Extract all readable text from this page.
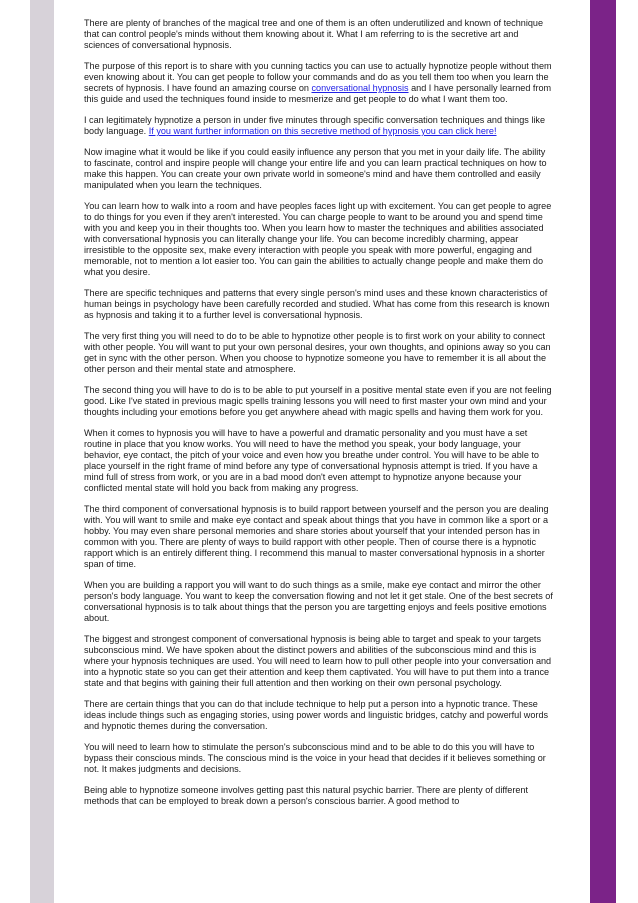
There are plenty of branches of the magical tree and one of them is an often underutilized and known of technique that can control people's minds without them knowing about it. What I am referring to is the secretive art and sciences of conversational hypnosis.

The purpose of this report is to share with you cunning tactics you can use to actually hypnotize people without them even knowing about it. You can get people to follow your commands and do as you tell them too when you learn the secrets of hypnosis. I have found an amazing course on conversational hypnosis and I have personally learned from this guide and used the techniques found inside to mesmerize and get people to do what I want them too.

I can legitimately hypnotize a person in under five minutes through specific conversation techniques and things like body language. If you want further information on this secretive method of hypnosis you can click here!

Now imagine what it would be like if you could easily influence any person that you met in your daily life. The ability to fascinate, control and inspire people will change your entire life and you can learn practical techniques on how to make this happen. You can create your own private world in someone's mind and have them controlled and easily manipulated when you learn the techniques.

You can learn how to walk into a room and have peoples faces light up with excitement. You can get people to agree to do things for you even if they aren't interested. You can charge people to want to be around you and spend time with you and keep you in their thoughts too. When you learn how to master the techniques and abilities associated with conversational hypnosis you can literally change your life. You can become incredibly charming, appear irresistible to the opposite sex, make every interaction with people you speak with more powerful, engaging and memorable, not to mention a lot easier too. You can gain the abilities to actually change people and make them do what you desire.

There are specific techniques and patterns that every single person's mind uses and these known characteristics of human beings in psychology have been carefully recorded and studied. What has come from this research is known as hypnosis and taking it to a further level is conversational hypnosis.

The very first thing you will need to do to be able to hypnotize other people is to first work on your ability to connect with other people. You will want to put your own personal desires, your own thoughts, and opinions away so you can get in sync with the other person. When you choose to hypnotize someone you have to remember it is all about the other person and their mental state and atmosphere.

The second thing you will have to do is to be able to put yourself in a positive mental state even if you are not feeling good. Like I've stated in previous magic spells training lessons you will need to first master your own mind and your thoughts including your emotions before you get anywhere ahead with magic spells and having them work for you.

When it comes to hypnosis you will have to have a powerful and dramatic personality and you must have a set routine in place that you know works. You will need to have the method you speak, your body language, your behavior, eye contact, the pitch of your voice and even how you breathe under control. You will have to be able to place yourself in the right frame of mind before any type of conversational hypnosis attempt is tried. If you have a mind full of stress from work, or you are in a bad mood don't even attempt to hypnotize anyone because your conflicted mental state will hold you back from making any progress.

The third component of conversational hypnosis is to build rapport between yourself and the person you are dealing with. You will want to smile and make eye contact and speak about things that you have in common like a sport or a hobby. You may even share personal memories and share stories about yourself that your intended person has in common with you. There are plenty of ways to build rapport with other people. Then of course there is a hypnotic rapport which is an entirely different thing. I recommend this manual to master conversational hypnosis in a shorter span of time.

When you are building a rapport you will want to do such things as a smile, make eye contact and mirror the other person's body language. You want to keep the conversation flowing and not let it get stale. One of the best secrets of conversational hypnosis is to talk about things that the person you are targetting enjoys and feels positive emotions about.

The biggest and strongest component of conversational hypnosis is being able to target and speak to your targets subconscious mind. We have spoken about the distinct powers and abilities of the subconscious mind and this is where your hypnosis techniques are used. You will need to learn how to pull other people into your conversation and into a hypnotic state so you can get their attention and keep them captivated. You will have to put them into a trance state and that begins with gaining their full attention and then working on their own personal psychology.

There are certain things that you can do that include technique to help put a person into a hypnotic trance. These ideas include things such as engaging stories, using power words and linguistic bridges, catchy and powerful words and hypnotic themes during the conversation.

You will need to learn how to stimulate the person's subconscious mind and to be able to do this you will have to bypass their conscious minds. The conscious mind is the voice in your head that decides if it believes something or not. It makes judgments and decisions.

Being able to hypnotize someone involves getting past this natural psychic barrier. There are plenty of different methods that can be employed to break down a person's conscious barrier. A good method to
